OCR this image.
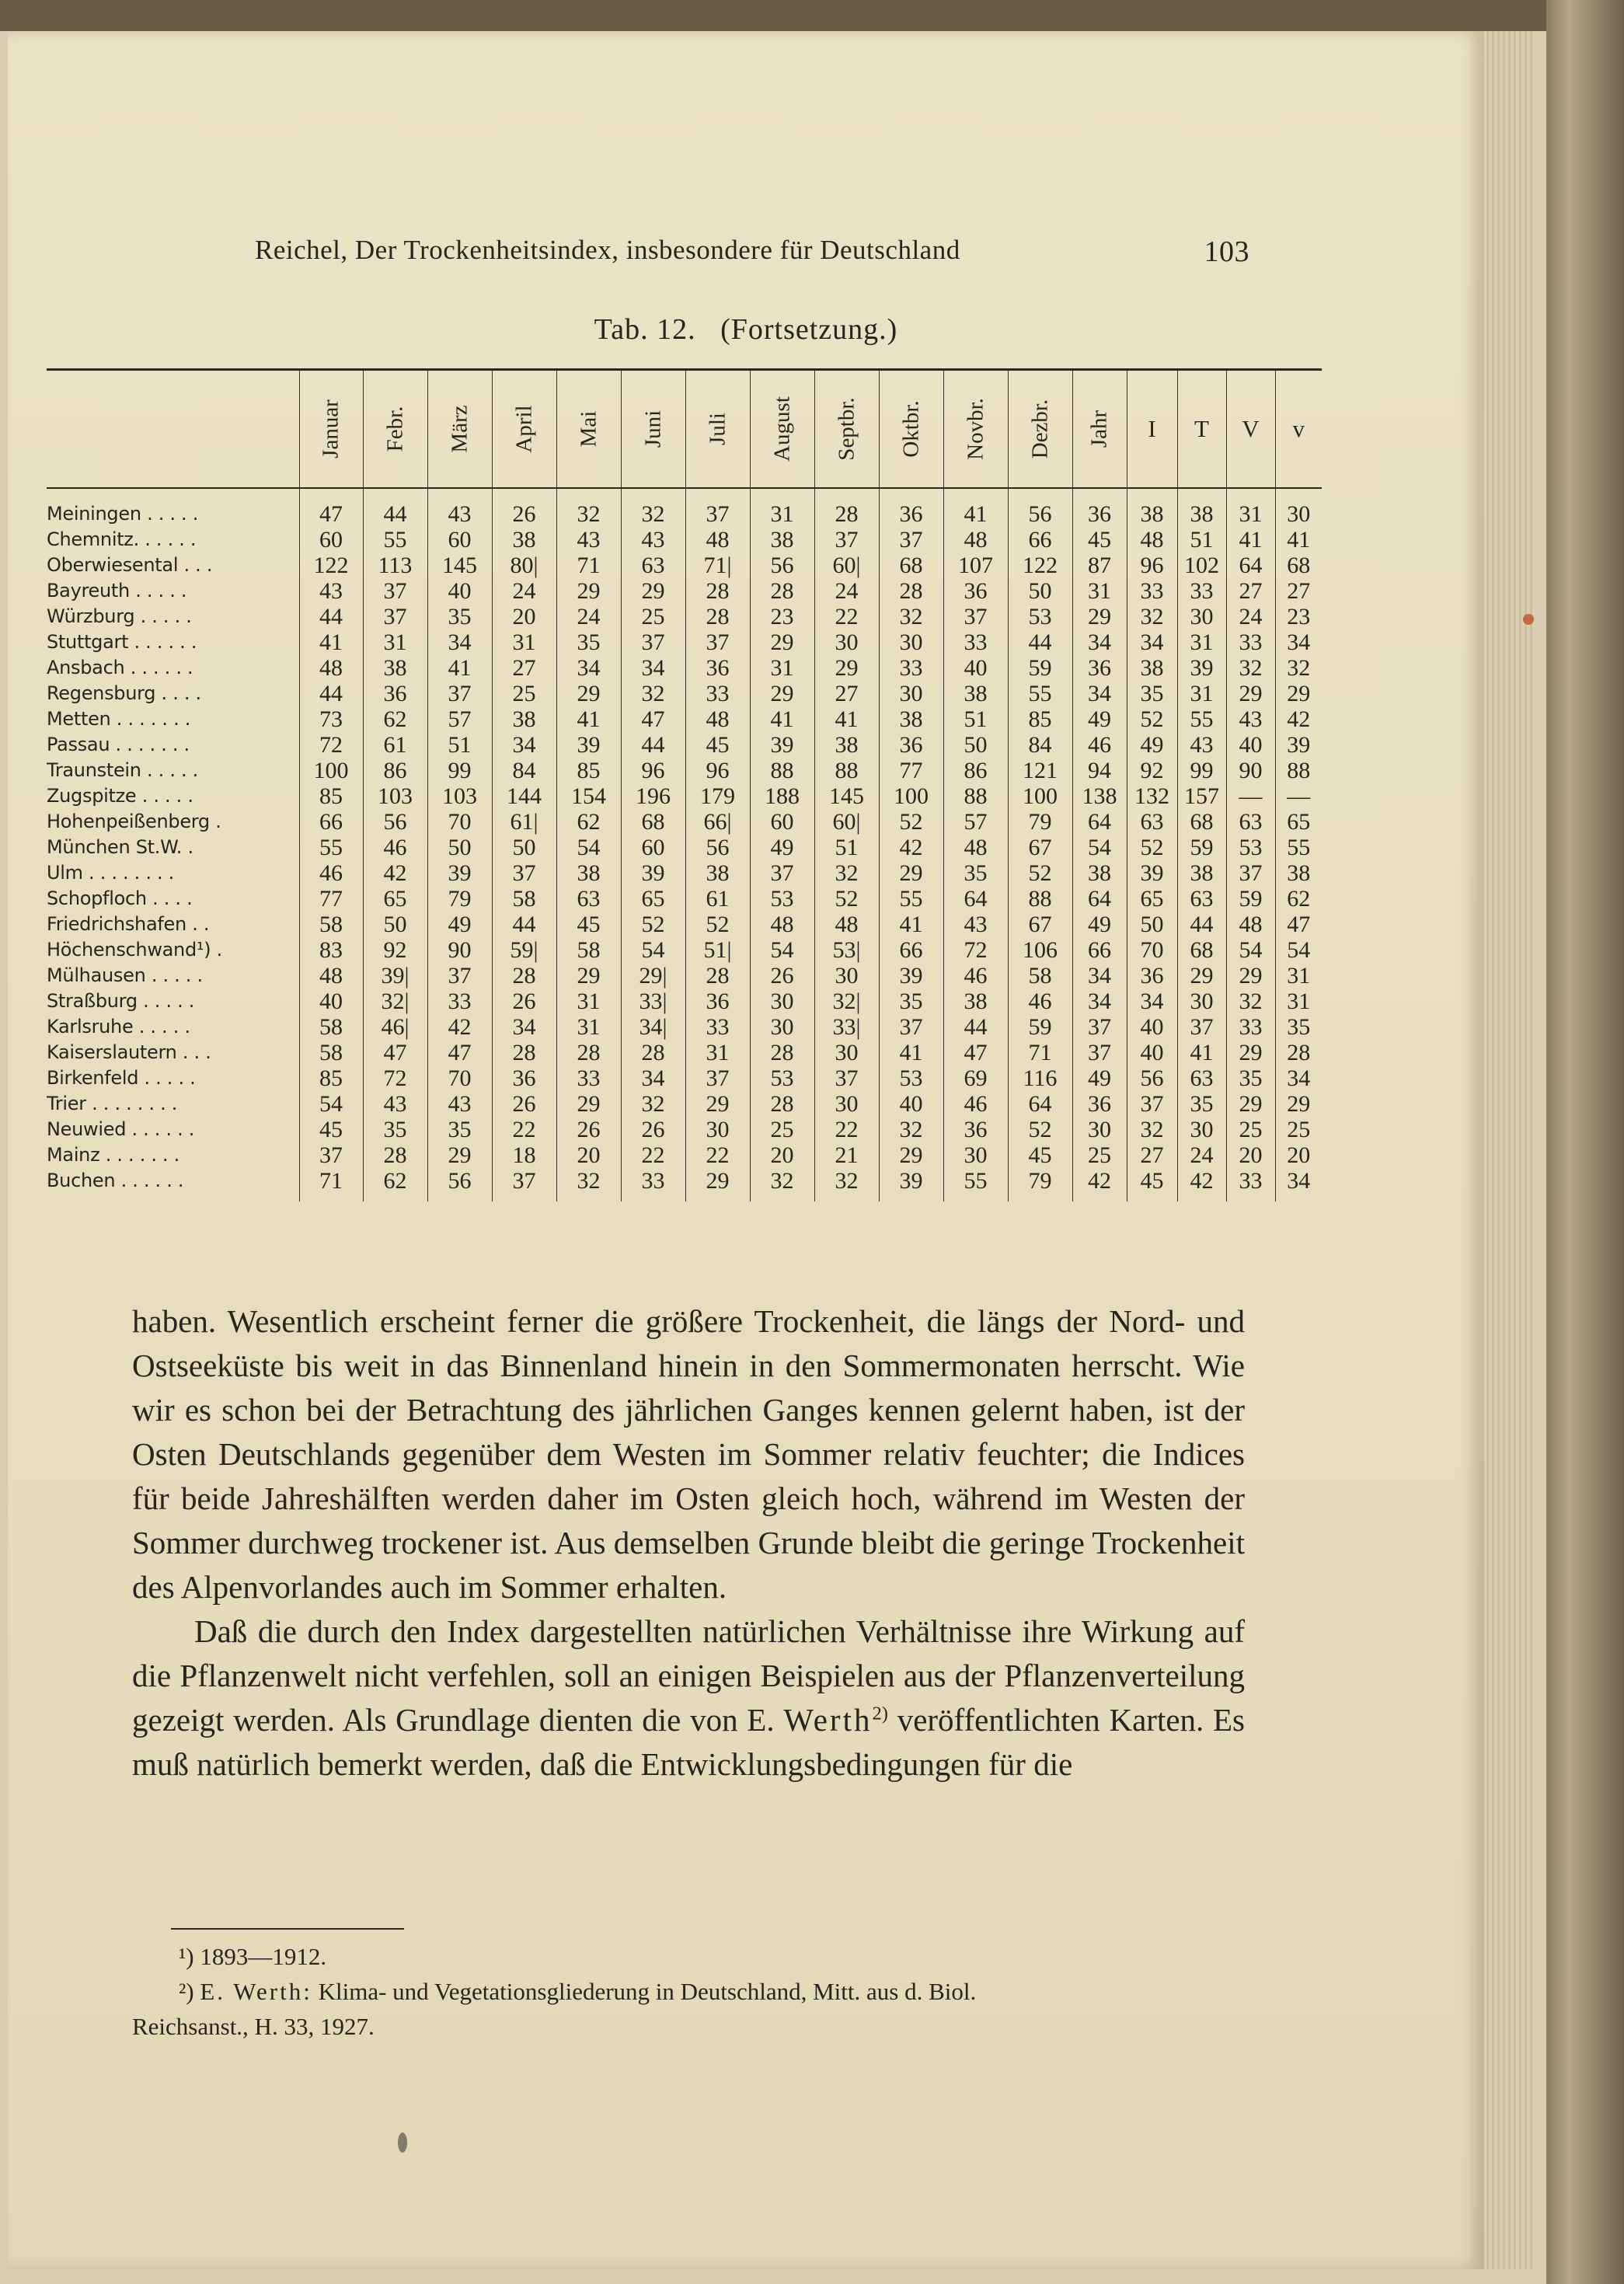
Reichel, Der Trockenheitsindex, insbesondere für Deutschland	103
Tab. 12.   (Fortsetzung.)

	Januar	Febr.	März	April	Mai	Juni	Juli	August	Septbr.	Oktbr.	Novbr.	Dezbr.	Jahr	I	T	V	v

Meiningen . . . . .	47	44	43	26	32	32	37	31	28	36	41	56	36	38	38	31	30
Chemnitz. . . . . .	60	55	60	38	43	43	48	38	37	37	48	66	45	48	51	41	41
Oberwiesental . . .	122	113	145	80|	71	63	71|	56	60|	68	107	122	87	96	102	64	68
Bayreuth . . . . .	43	37	40	24	29	29	28	28	24	28	36	50	31	33	33	27	27
Würzburg . . . . .	44	37	35	20	24	25	28	23	22	32	37	53	29	32	30	24	23
Stuttgart . . . . . .	41	31	34	31	35	37	37	29	30	30	33	44	34	34	31	33	34
Ansbach . . . . . .	48	38	41	27	34	34	36	31	29	33	40	59	36	38	39	32	32
Regensburg . . . .	44	36	37	25	29	32	33	29	27	30	38	55	34	35	31	29	29
Metten . . . . . . .	73	62	57	38	41	47	48	41	41	38	51	85	49	52	55	43	42
Passau . . . . . . .	72	61	51	34	39	44	45	39	38	36	50	84	46	49	43	40	39
Traunstein . . . . .	100	86	99	84	85	96	96	88	88	77	86	121	94	92	99	90	88
Zugspitze . . . . .	85	103	103	144	154	196	179	188	145	100	88	100	138	132	157	—	—
Hohenpeißenberg .	66	56	70	61|	62	68	66|	60	60|	52	57	79	64	63	68	63	65
München St.W. .	55	46	50	50	54	60	56	49	51	42	48	67	54	52	59	53	55
Ulm . . . . . . . .	46	42	39	37	38	39	38	37	32	29	35	52	38	39	38	37	38
Schopfloch . . . .	77	65	79	58	63	65	61	53	52	55	64	88	64	65	63	59	62
Friedrichshafen . .	58	50	49	44	45	52	52	48	48	41	43	67	49	50	44	48	47
Höchenschwand¹) .	83	92	90	59|	58	54	51|	54	53|	66	72	106	66	70	68	54	54
Mülhausen . . . . .	48	39|	37	28	29	29|	28	26	30	39	46	58	34	36	29	29	31
Straßburg . . . . .	40	32|	33	26	31	33|	36	30	32|	35	38	46	34	34	30	32	31
Karlsruhe . . . . .	58	46|	42	34	31	34|	33	30	33|	37	44	59	37	40	37	33	35
Kaiserslautern . . .	58	47	47	28	28	28	31	28	30	41	47	71	37	40	41	29	28
Birkenfeld . . . . .	85	72	70	36	33	34	37	53	37	53	69	116	49	56	63	35	34
Trier . . . . . . . .	54	43	43	26	29	32	29	28	30	40	46	64	36	37	35	29	29
Neuwied . . . . . .	45	35	35	22	26	26	30	25	22	32	36	52	30	32	30	25	25
Mainz . . . . . . .	37	28	29	18	20	22	22	20	21	29	30	45	25	27	24	20	20
Buchen . . . . . .	71	62	56	37	32	33	29	32	32	39	55	79	42	45	42	33	34

haben. Wesentlich erscheint ferner die größere Trockenheit, die längs der Nord- und Ostseeküste bis weit in das Binnenland hinein in den Sommermonaten herrscht. Wie wir es schon bei der Betrachtung des jährlichen Ganges kennen gelernt haben, ist der Osten Deutschlands gegenüber dem Westen im Sommer relativ feuchter; die Indices für beide Jahreshälften werden daher im Osten gleich hoch, während im Westen der Sommer durchweg trockener ist. Aus demselben Grunde bleibt die geringe Trockenheit des Alpenvorlandes auch im Sommer erhalten.

Daß die durch den Index dargestellten natürlichen Verhältnisse ihre Wirkung auf die Pflanzenwelt nicht verfehlen, soll an einigen Beispielen aus der Pflanzenverteilung gezeigt werden. Als Grundlage dienten die von E. Werth$^{2)}$ veröffentlichten Karten. Es muß natürlich bemerkt werden, daß die Entwicklungsbedingungen für die

¹) 1893—1912.
²) E. Werth: Klima- und Vegetationsgliederung in Deutschland, Mitt. aus d. Biol.
Reichsanst., H. 33, 1927.
